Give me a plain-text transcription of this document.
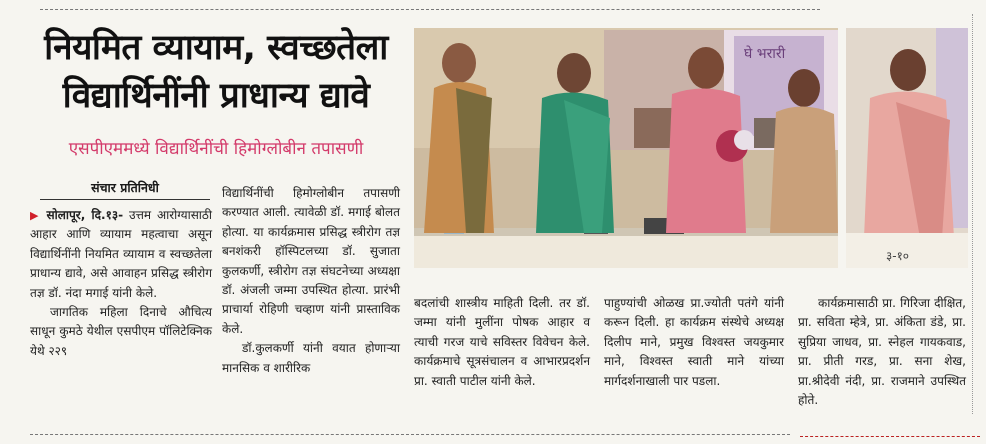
नियमित व्यायाम, स्वच्छतेला
विद्यार्थिनींनी प्राधान्य द्यावे
एसपीएममध्ये विद्यार्थिनींची हिमोग्लोबीन तपासणी
संचार प्रतिनिधी

▶ सोलापूर, दि.१३- उत्तम आरोग्यासाठी आहार आणि व्यायाम महत्वाचा असून विद्यार्थिनींनी नियमित व्यायाम व स्वच्छतेला प्राधान्य द्यावे, असे आवाहन प्रसिद्ध स्त्रीरोग तज्ञ डॉ. नंदा मगाई यांनी केले.

जागतिक महिला दिनाचे औचित्य साधून कुमठे येथील एसपीएम पॉलिटेक्निक येथे २२९

विद्यार्थिनींची हिमोग्लोबीन तपासणी करण्यात आली. त्यावेळी डॉ. मगाई बोलत होत्या. या कार्यक्रमास प्रसिद्ध स्त्रीरोग तज्ञ बनशंकरी हॉस्पिटलच्या डॉ. सुजाता कुलकर्णी, स्त्रीरोग तज्ञ संघटनेच्या अध्यक्षा डॉ. अंजली जम्मा उपस्थित होत्या. प्रारंभी प्राचार्या रोहिणी चव्हाण यांनी प्रास्ताविक केले.

डॉ.कुलकर्णी यांनी वयात होणाऱ्या मानसिक व शारीरिक

घे भरारी
३-१०

बदलांची शास्त्रीय माहिती दिली. तर डॉ. जम्मा यांनी मुलींना पोषक आहार व त्याची गरज याचे सविस्तर विवेचन केले. कार्यक्रमाचे सूत्रसंचालन व आभारप्रदर्शन प्रा. स्वाती पाटील यांनी केले.

पाहुण्यांची ओळख प्रा.ज्योती पतंगे यांनी करून दिली. हा कार्यक्रम संस्थेचे अध्यक्ष दिलीप माने, प्रमुख विश्वस्त जयकुमार माने, विश्वस्त स्वाती माने यांच्या मार्गदर्शनाखाली पार पडला.

कार्यक्रमासाठी प्रा. गिरिजा दीक्षित, प्रा. सविता म्हेत्रे, प्रा. अंकिता डंडे, प्रा. सुप्रिया जाधव, प्रा. स्नेहल गायकवाड, प्रा. प्रीती गरड, प्रा. सना शेख, प्रा.श्रीदेवी नंदी, प्रा. राजमाने उपस्थित होते.
